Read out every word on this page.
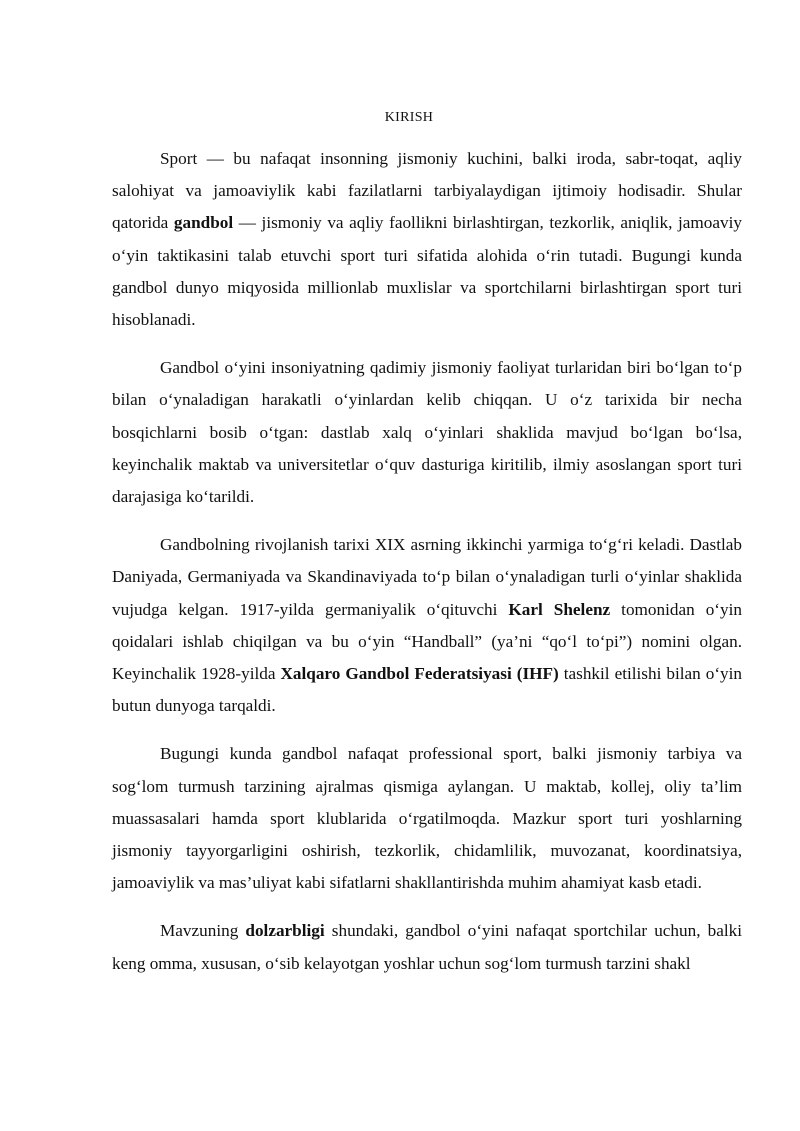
KIRISH

Sport — bu nafaqat insonning jismoniy kuchini, balki iroda, sabr-toqat, aqliy salohiyat va jamoaviylik kabi fazilatlarni tarbiyalaydigan ijtimoiy hodisadir. Shular qatorida gandbol — jismoniy va aqliy faollikni birlashtirgan, tezkorlik, aniqlik, jamoaviy o‘yin taktikasini talab etuvchi sport turi sifatida alohida o‘rin tutadi. Bugungi kunda gandbol dunyo miqyosida millionlab muxlislar va sportchilarni birlashtirgan sport turi hisoblanadi.

Gandbol o‘yini insoniyatning qadimiy jismoniy faoliyat turlaridan biri bo‘lgan to‘p bilan o‘ynaladigan harakatli o‘yinlardan kelib chiqqan. U o‘z tarixida bir necha bosqichlarni bosib o‘tgan: dastlab xalq o‘yinlari shaklida mavjud bo‘lgan bo‘lsa, keyinchalik maktab va universitetlar o‘quv dasturiga kiritilib, ilmiy asoslangan sport turi darajasiga ko‘tarildi.

Gandbolning rivojlanish tarixi XIX asrning ikkinchi yarmiga to‘g‘ri keladi. Dastlab Daniyada, Germaniyada va Skandinaviyada to‘p bilan o‘ynaladigan turli o‘yinlar shaklida vujudga kelgan. 1917-yilda germaniyalik o‘qituvchi Karl Shelenz tomonidan o‘yin qoidalari ishlab chiqilgan va bu o‘yin “Handball” (ya’ni “qo‘l to‘pi”) nomini olgan. Keyinchalik 1928-yilda Xalqaro Gandbol Federatsiyasi (IHF) tashkil etilishi bilan o‘yin butun dunyoga tarqaldi.

Bugungi kunda gandbol nafaqat professional sport, balki jismoniy tarbiya va sog‘lom turmush tarzining ajralmas qismiga aylangan. U maktab, kollej, oliy ta’lim muassasalari hamda sport klublarida o‘rgatilmoqda. Mazkur sport turi yoshlarning jismoniy tayyorgarligini oshirish, tezkorlik, chidamlilik, muvozanat, koordinatsiya, jamoaviylik va mas’uliyat kabi sifatlarni shakllantirishda muhim ahamiyat kasb etadi.

Mavzuning dolzarbligi shundaki, gandbol o‘yini nafaqat sportchilar uchun, balki keng omma, xususan, o‘sib kelayotgan yoshlar uchun sog‘lom turmush tarzini shakl
